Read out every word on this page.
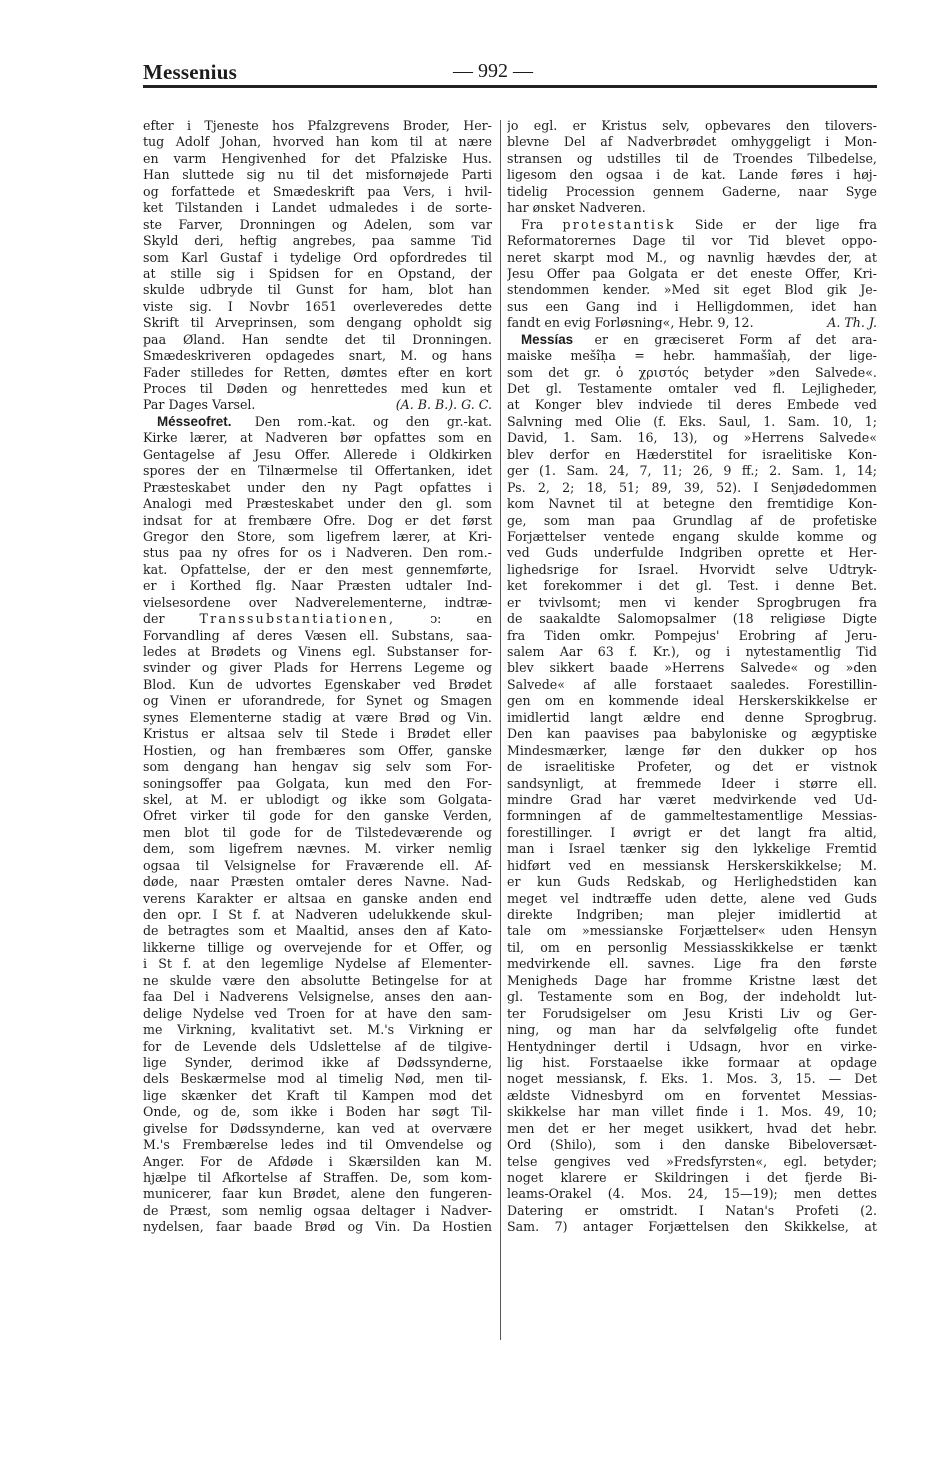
Messenius	— 992 —
efter i Tjeneste hos Pfalzgrevens Broder, Her-
tug Adolf Johan, hvorved han kom til at nære
en varm Hengivenhed for det Pfalziske Hus.
Han sluttede sig nu til det misfornøjede Parti
og forfattede et Smædeskrift paa Vers, i hvil-
ket Tilstanden i Landet udmaledes i de sorte-
ste Farver, Dronningen og Adelen, som var
Skyld deri, heftig angrebes, paa samme Tid
som Karl Gustaf i tydelige Ord opfordredes til
at stille sig i Spidsen for en Opstand, der
skulde udbryde til Gunst for ham, blot han
viste sig. I Novbr 1651 overleveredes dette
Skrift til Arveprinsen, som dengang opholdt sig
paa Øland. Han sendte det til Dronningen.
Smædeskriveren opdagedes snart, M. og hans
Fader stilledes for Retten, dømtes efter en kort
Proces til Døden og henrettedes med kun et
Par Dages Varsel.	(A. B. B.). G. C.
Mésseofret. Den rom.-kat. og den gr.-kat.
Kirke lærer, at Nadveren bør opfattes som en
Gentagelse af Jesu Offer. Allerede i Oldkirken
spores der en Tilnærmelse til Offertanken, idet
Præsteskabet under den ny Pagt opfattes i
Analogi med Præsteskabet under den gl. som
indsat for at frembære Ofre. Dog er det først
Gregor den Store, som ligefrem lærer, at Kri-
stus paa ny ofres for os i Nadveren. Den rom.-
kat. Opfattelse, der er den mest gennemførte,
er i Korthed flg. Naar Præsten udtaler Ind-
vielsesordene over Nadverelementerne, indtræ-
der	Transsubstantiationen,	ↄ:	en
Forvandling af deres Væsen ell. Substans, saa-
ledes at Brødets og Vinens egl. Substanser for-
svinder og giver Plads for Herrens Legeme og
Blod. Kun de udvortes Egenskaber ved Brødet
og Vinen er uforandrede, for Synet og Smagen
synes Elementerne stadig at være Brød og Vin.
Kristus er altsaa selv til Stede i Brødet eller
Hostien, og han frembæres som Offer, ganske
som dengang han hengav sig selv som For-
soningsoffer paa Golgata, kun med den For-
skel, at M. er ublodigt og ikke som Golgata-
Ofret virker til gode for den ganske Verden,
men blot til gode for de Tilstedeværende og
dem, som ligefrem nævnes. M. virker nemlig
ogsaa til Velsignelse for Fraværende ell. Af-
døde, naar Præsten omtaler deres Navne. Nad-
verens Karakter er altsaa en ganske anden end
den opr. I St f. at Nadveren udelukkende skul-
de betragtes som et Maaltid, anses den af Kato-
likkerne tillige og overvejende for et Offer, og
i St f. at den legemlige Nydelse af Elementer-
ne skulde være den absolutte Betingelse for at
faa Del i Nadverens Velsignelse, anses den aan-
delige Nydelse ved Troen for at have den sam-
me Virkning, kvalitativt set. M.'s Virkning er
for de Levende dels Udslettelse af de tilgive-
lige Synder, derimod ikke af Dødssynderne,
dels Beskærmelse mod al timelig Nød, men til-
lige skænker det Kraft til Kampen mod det
Onde, og de, som ikke i Boden har søgt Til-
givelse for Dødssynderne, kan ved at overvære
M.'s Frembærelse ledes ind til Omvendelse og
Anger. For de Afdøde i Skærsilden kan M.
hjælpe til Afkortelse af Straffen. De, som kom-
municerer, faar kun Brødet, alene den fungeren-
de Præst, som nemlig ogsaa deltager i Nadver-
nydelsen, faar baade Brød og Vin. Da Hostien
jo egl. er Kristus selv, opbevares den tilovers-
blevne Del af Nadverbrødet omhyggeligt i Mon-
stransen og udstilles til de Troendes Tilbedelse,
ligesom den ogsaa i de kat. Lande føres i høj-
tidelig Procession gennem Gaderne, naar Syge
har ønsket Nadveren.
Fra protestantisk Side er der lige fra
Reformatorernes Dage til vor Tid blevet oppo-
neret skarpt mod M., og navnlig hævdes der, at
Jesu Offer paa Golgata er det eneste Offer, Kri-
stendommen kender. »Med sit eget Blod gik Je-
sus een Gang ind i Helligdommen, idet han
fandt en evig Forløsning«, Hebr. 9, 12.	A. Th. J.
Messías er en græciseret Form af det ara-
maiske mešîḥa = hebr. hammašîaḥ, der lige-
som det gr. ὁ χριστός betyder »den Salvede«.
Det gl. Testamente omtaler ved fl. Lejligheder,
at Konger blev indviede til deres Embede ved
Salvning med Olie (f. Eks. Saul, 1. Sam. 10, 1;
David, 1. Sam. 16, 13), og »Herrens Salvede«
blev derfor en Hæderstitel for israelitiske Kon-
ger (1. Sam. 24, 7, 11; 26, 9 ff.; 2. Sam. 1, 14;
Ps. 2, 2; 18, 51; 89, 39, 52). I Senjødedommen
kom Navnet til at betegne den fremtidige Kon-
ge, som man paa Grundlag af de profetiske
Forjættelser ventede engang skulde komme og
ved Guds underfulde Indgriben oprette et Her-
lighedsrige for Israel. Hvorvidt selve Udtryk-
ket forekommer i det gl. Test. i denne Bet.
er tvivlsomt; men vi kender Sprogbrugen fra
de saakaldte Salomopsalmer (18 religiøse Digte
fra Tiden omkr. Pompejus' Erobring af Jeru-
salem Aar 63 f. Kr.), og i nytestamentlig Tid
blev sikkert baade »Herrens Salvede« og »den
Salvede« af alle forstaaet saaledes. Forestillin-
gen om en kommende ideal Herskerskikkelse er
imidlertid langt ældre end denne Sprogbrug.
Den kan paavises paa babyloniske og ægyptiske
Mindesmærker, længe før den dukker op hos
de israelitiske Profeter, og det er vistnok
sandsynligt, at fremmede Ideer i større ell.
mindre Grad har været medvirkende ved Ud-
formningen af de gammeltestamentlige Messias-
forestillinger. I øvrigt er det langt fra altid,
man i Israel tænker sig den lykkelige Fremtid
hidført ved en messiansk Herskerskikkelse; M.
er kun Guds Redskab, og Herlighedstiden kan
meget vel indtræffe uden dette, alene ved Guds
direkte Indgriben; man plejer imidlertid at
tale om »messianske Forjættelser« uden Hensyn
til, om en personlig Messiasskikkelse er tænkt
medvirkende ell. savnes. Lige fra den første
Menigheds Dage har fromme Kristne læst det
gl. Testamente som en Bog, der indeholdt lut-
ter Forudsigelser om Jesu Kristi Liv og Ger-
ning, og man har da selvfølgelig ofte fundet
Hentydninger dertil i Udsagn, hvor en virke-
lig hist. Forstaaelse ikke formaar at opdage
noget messiansk, f. Eks. 1. Mos. 3, 15. — Det
ældste Vidnesbyrd om en forventet Messias-
skikkelse har man villet finde i 1. Mos. 49, 10;
men det er her meget usikkert, hvad det hebr.
Ord (Shilo), som i den danske Bibeloversæt-
telse gengives ved »Fredsfyrsten«, egl. betyder;
noget klarere er Skildringen i det fjerde Bi-
leams-Orakel (4. Mos. 24, 15—19); men dettes
Datering er omstridt. I Natan's Profeti (2.
Sam. 7) antager Forjættelsen den Skikkelse, at
